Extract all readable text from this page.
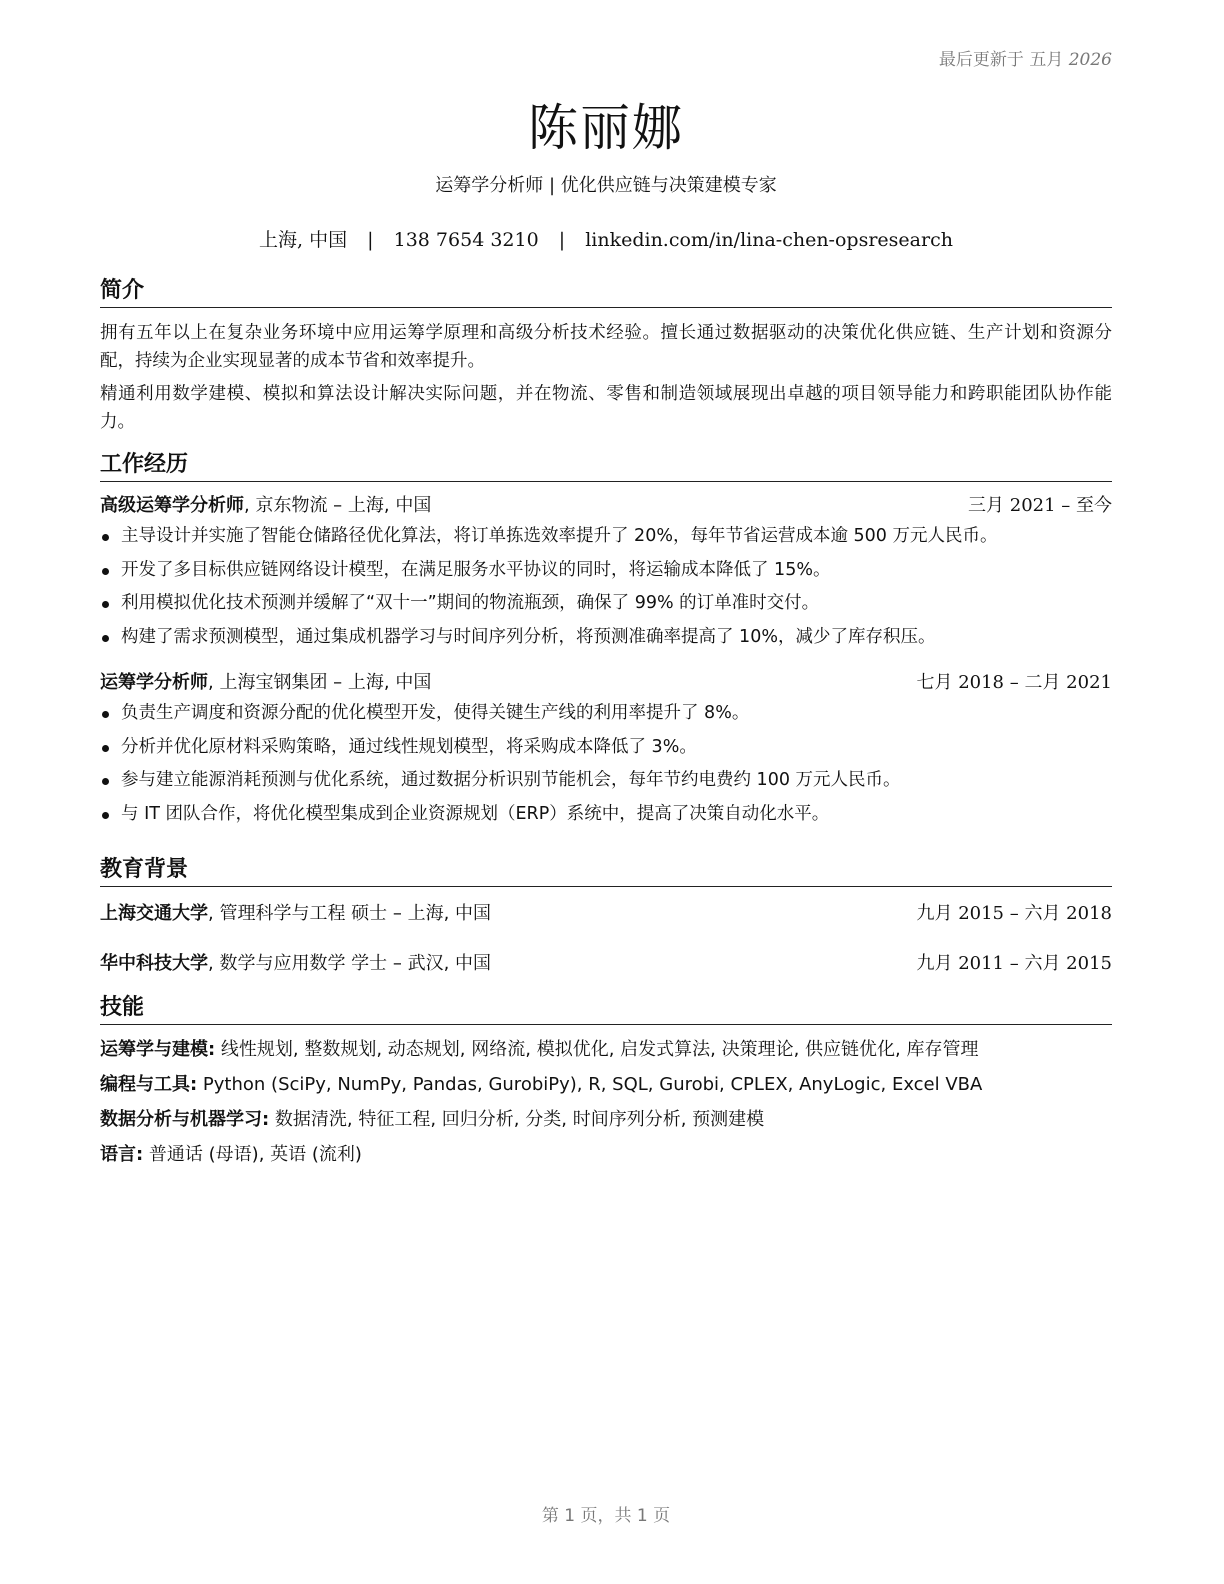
最后更新于 五月 2026
陈丽娜
运筹学分析师 | 优化供应链与决策建模专家
上海, 中国 | 138 7654 3210 | linkedin.com/in/lina-chen-opsresearch
简介

拥有五年以上在复杂业务环境中应用运筹学原理和高级分析技术经验。擅长通过数据驱动的决策优化供应链、生产计划和资源分配，持续为企业实现显著的成本节省和效率提升。

精通利用数学建模、模拟和算法设计解决实际问题，并在物流、零售和制造领域展现出卓越的项目领导能力和跨职能团队协作能力。

工作经历
高级运筹学分析师, 京东物流 – 上海, 中国	三月 2021 – 至今
主导设计并实施了智能仓储路径优化算法，将订单拣选效率提升了 20%，每年节省运营成本逾 500 万元人民币。
开发了多目标供应链网络设计模型，在满足服务水平协议的同时，将运输成本降低了 15%。
利用模拟优化技术预测并缓解了“双十一”期间的物流瓶颈，确保了 99% 的订单准时交付。
构建了需求预测模型，通过集成机器学习与时间序列分析，将预测准确率提高了 10%，减少了库存积压。
运筹学分析师, 上海宝钢集团 – 上海, 中国	七月 2018 – 二月 2021
负责生产调度和资源分配的优化模型开发，使得关键生产线的利用率提升了 8%。
分析并优化原材料采购策略，通过线性规划模型，将采购成本降低了 3%。
参与建立能源消耗预测与优化系统，通过数据分析识别节能机会，每年节约电费约 100 万元人民币。
与 IT 团队合作，将优化模型集成到企业资源规划（ERP）系统中，提高了决策自动化水平。
教育背景
上海交通大学, 管理科学与工程 硕士 – 上海, 中国	九月 2015 – 六月 2018
华中科技大学, 数学与应用数学 学士 – 武汉, 中国	九月 2011 – 六月 2015
技能
运筹学与建模: 线性规划, 整数规划, 动态规划, 网络流, 模拟优化, 启发式算法, 决策理论, 供应链优化, 库存管理
编程与工具: Python (SciPy, NumPy, Pandas, GurobiPy), R, SQL, Gurobi, CPLEX, AnyLogic, Excel VBA
数据分析与机器学习: 数据清洗, 特征工程, 回归分析, 分类, 时间序列分析, 预测建模
语言: 普通话 (母语), 英语 (流利)
第 1 页，共 1 页
